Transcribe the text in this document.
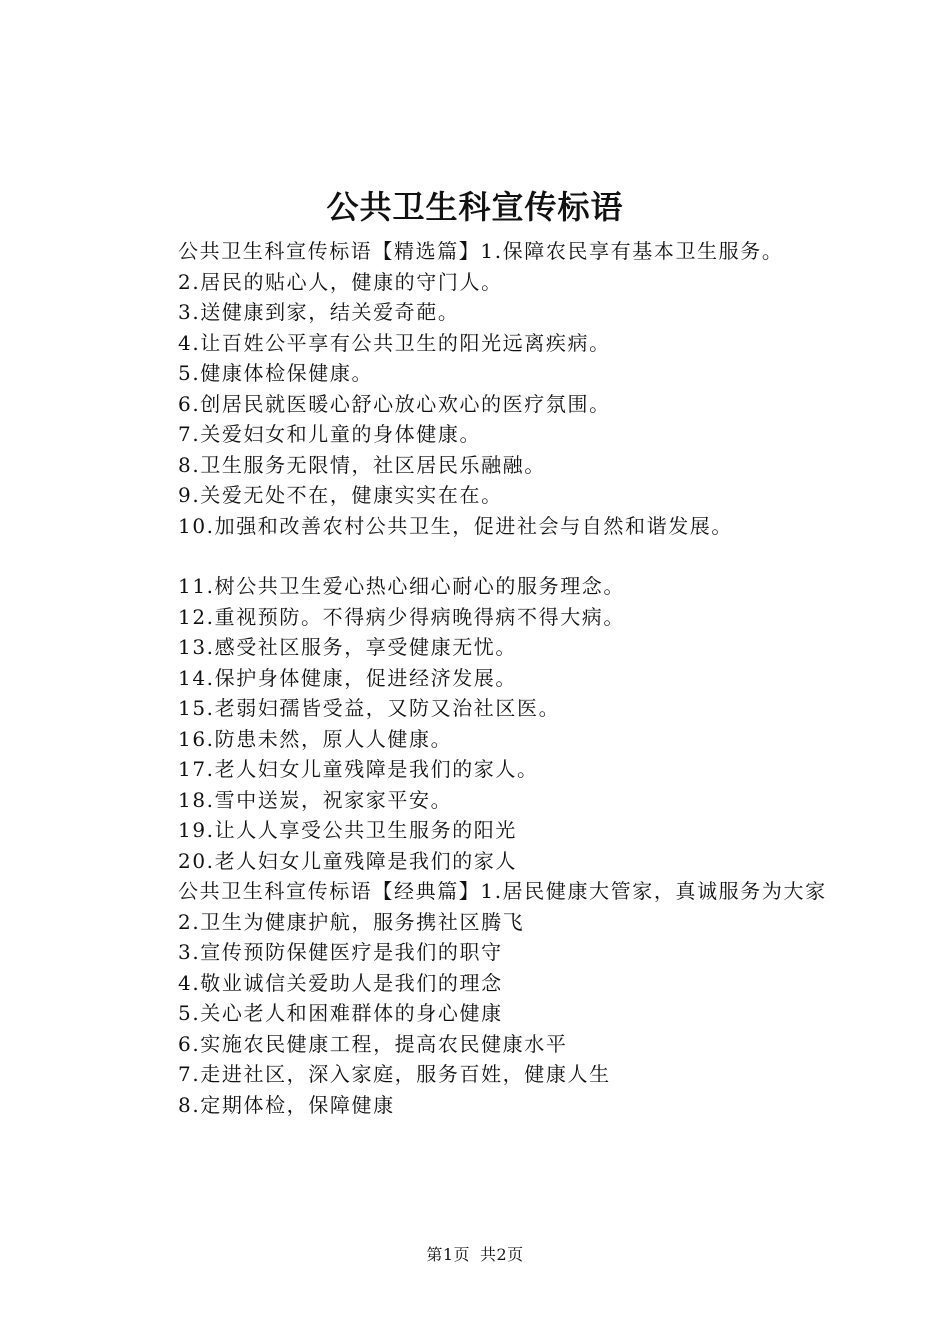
公共卫生科宣传标语

公共卫生科宣传标语【精选篇】1.保障农民享有基本卫生服务。

2.居民的贴心人，健康的守门人。

3.送健康到家，结关爱奇葩。

4.让百姓公平享有公共卫生的阳光远离疾病。

5.健康体检保健康。

6.创居民就医暖心舒心放心欢心的医疗氛围。

7.关爱妇女和儿童的身体健康。

8.卫生服务无限情，社区居民乐融融。

9.关爱无处不在，健康实实在在。

10.加强和改善农村公共卫生，促进社会与自然和谐发展。

11.树公共卫生爱心热心细心耐心的服务理念。

12.重视预防。不得病少得病晚得病不得大病。

13.感受社区服务，享受健康无忧。

14.保护身体健康，促进经济发展。

15.老弱妇孺皆受益，又防又治社区医。

16.防患未然，原人人健康。

17.老人妇女儿童残障是我们的家人。

18.雪中送炭，祝家家平安。

19.让人人享受公共卫生服务的阳光

20.老人妇女儿童残障是我们的家人

公共卫生科宣传标语【经典篇】1.居民健康大管家，真诚服务为大家

2.卫生为健康护航，服务携社区腾飞

3.宣传预防保健医疗是我们的职守

4.敬业诚信关爱助人是我们的理念

5.关心老人和困难群体的身心健康

6.实施农民健康工程，提高农民健康水平

7.走进社区，深入家庭，服务百姓，健康人生

8.定期体检，保障健康

第1页 共2页
